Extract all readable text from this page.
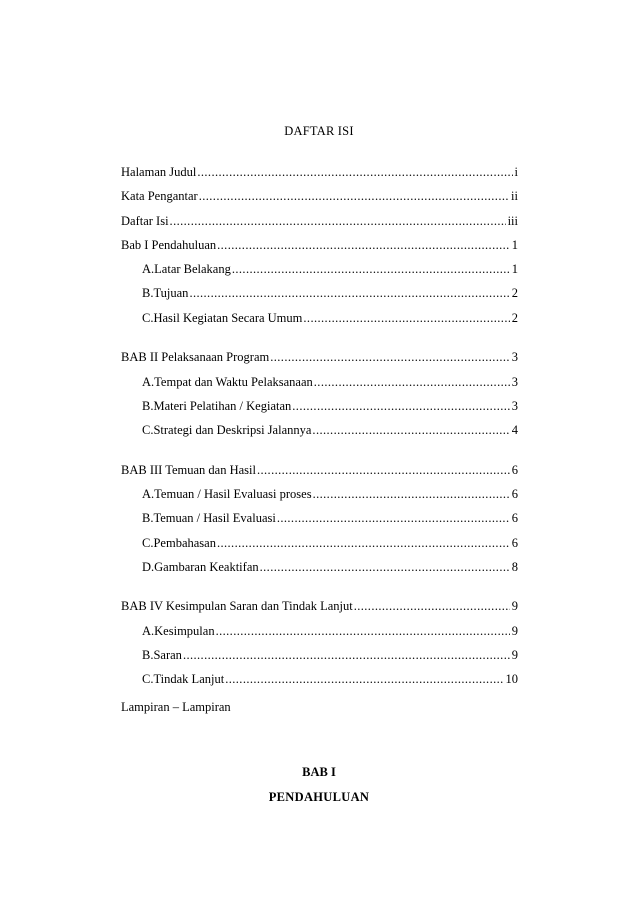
DAFTAR ISI
Halaman Judul .....	i
Kata Pengantar .....	ii
Daftar Isi .....	iii
Bab I Pendahuluan .....	1
A. Latar Belakang .....	1
B. Tujuan .....	2
C. Hasil Kegiatan Secara Umum .....	2
BAB II Pelaksanaan Program .....	3
A. Tempat dan Waktu Pelaksanaan .....	3
B. Materi Pelatihan / Kegiatan .....	3
C. Strategi dan Deskripsi Jalannya .....	4
BAB III Temuan dan Hasil .....	6
A. Temuan / Hasil Evaluasi proses .....	6
B. Temuan / Hasil Evaluasi .....	6
C. Pembahasan .....	6
D. Gambaran Keaktifan .....	8
BAB IV Kesimpulan Saran dan Tindak Lanjut .....	9
A. Kesimpulan .....	9
B. Saran .....	9
C. Tindak Lanjut .....	10
Lampiran – Lampiran
BAB I
PENDAHULUAN
